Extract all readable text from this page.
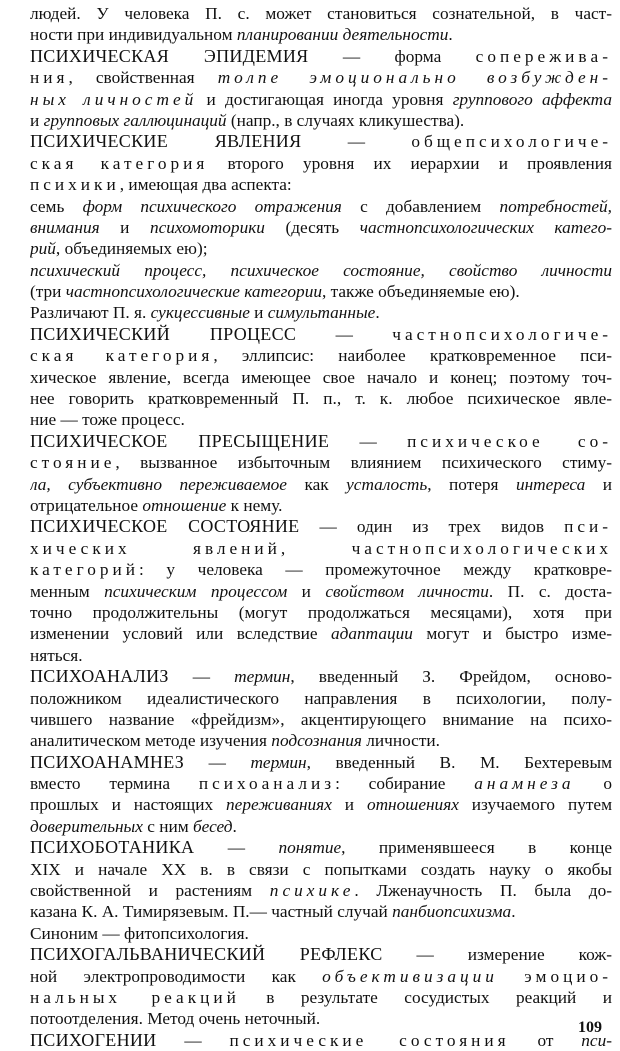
людей. У человека П. с. может становиться сознательной, в част-
ности при индивидуальном планировании деятельности.
ПСИХИЧЕСКАЯ ЭПИДЕМИЯ — форма сопереживa-
ния, свойственная толпе эмоционально возбужден-
ных личностей и достигающая иногда уровня группового аффекта
и групповых галлюцинаций (напр., в случаях кликушества).
ПСИХИЧЕСКИЕ ЯВЛЕНИЯ — общепсихологиче-
ская категория второго уровня их иерархии и проявления
психики, имеющая два аспекта:
семь форм психического отражения с добавлением потребностей,
внимания и психомоторики (десять частнопсихологических катего-
рий, объединяемых ею);
психический процесс, психическое состояние, свойство личности
(три частнопсихологические категории, также объединяемые ею).
Различают П. я. сукцессивные и симультанные.
ПСИХИЧЕСКИЙ ПРОЦЕСС — частнопсихологиче-
ская категория, эллипсис: наиболее кратковременное пси-
хическое явление, всегда имеющее свое начало и конец; поэтому точ-
нее говорить кратковременный П. п., т. к. любое психическое явле-
ние — тоже процесс.
ПСИХИЧЕСКОЕ ПРЕСЫЩЕНИЕ — психическое со-
стояние, вызванное избыточным влиянием психического стиму-
ла, субъективно переживаемое как усталость, потеря интереса и
отрицательное отношение к нему.
ПСИХИЧЕСКОЕ СОСТОЯНИЕ — один из трех видов пси-
хических явлений, частнопсихологических
категорий: у человека — промежуточное между кратковре-
менным психическим процессом и свойством личности. П. с. доста-
точно продолжительны (могут продолжаться месяцами), хотя при
изменении условий или вследствие адаптации могут и быстро изме-
няться.
ПСИХОАНАЛИЗ — термин, введенный З. Фрейдом, осново-
положником идеалистического направления в психологии, полу-
чившего название «фрейдизм», акцентирующего внимание на психо-
аналитическом методе изучения подсознания личности.
ПСИХОАНАМНЕЗ — термин, введенный В. М. Бехтеревым
вместо термина психоанализ: собирание анамнеза о
прошлых и настоящих переживаниях и отношениях изучаемого путем
доверительных с ним бесед.
ПСИХОБОТАНИКА — понятие, применявшееся в конце
XIX и начале XX в. в связи с попытками создать науку о якобы
свойственной и растениям психике. Лженаучность П. была до-
казана К. А. Тимирязевым. П.— частный случай панбиопсихизма.
Синоним — фитопсихология.
ПСИХОГАЛЬВАНИЧЕСКИЙ РЕФЛЕКС — измерение кож-
ной электропроводимости как объективизации эмоцио-
нальных реакций в результате сосудистых реакций и
потоотделения. Метод очень неточный.
ПСИХОГЕНИИ — психические состояния от пси-
109
